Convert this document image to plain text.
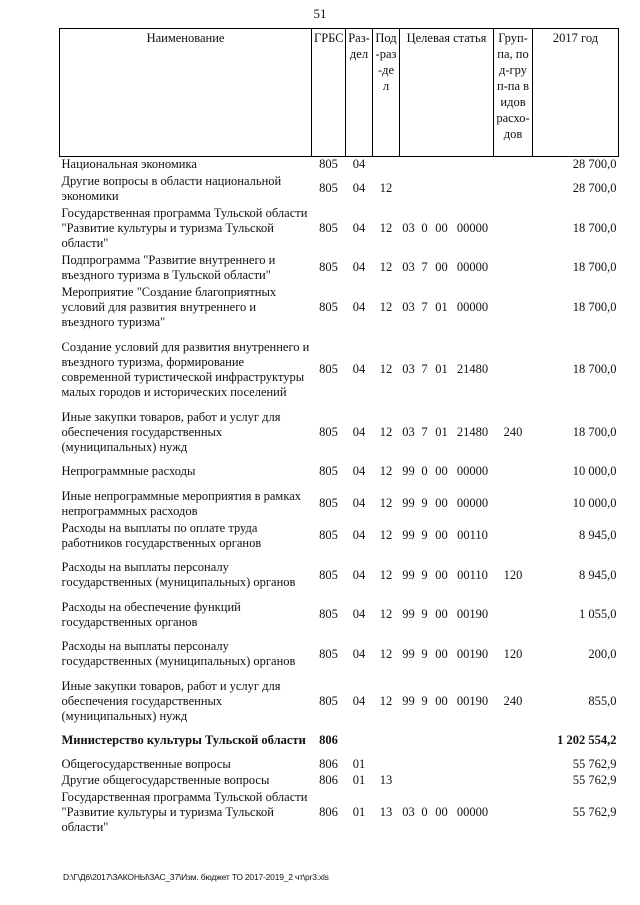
51
Наименование	ГРБС	Раз-дел	Под-раз-дел	Целевая статья				Груп-па, под-груп-па видов расхо-дов	2017 год
Национальная экономика	805	04							28 700,0
Другие вопросы в области национальной экономики	805	04	12						28 700,0
Государственная программа Тульской области "Развитие культуры и туризма Тульской области"	805	04	12	03	0	00	00000		18 700,0
Подпрограмма "Развитие внутреннего и въездного туризма в Тульской области"	805	04	12	03	7	00	00000		18 700,0
Мероприятие "Создание благоприятных условий для развития внутреннего и въездного туризма"	805	04	12	03	7	01	00000		18 700,0
Создание условий для развития внутреннего и въездного туризма, формирование современной туристической инфраструктуры малых городов и исторических поселений	805	04	12	03	7	01	21480		18 700,0
Иные закупки товаров, работ и услуг для обеспечения государственных (муниципальных) нужд	805	04	12	03	7	01	21480	240	18 700,0
Непрограммные расходы	805	04	12	99	0	00	00000		10 000,0
Иные непрограммные мероприятия в рамках непрограммных расходов	805	04	12	99	9	00	00000		10 000,0
Расходы на выплаты по оплате труда работников государственных органов	805	04	12	99	9	00	00110		8 945,0
Расходы на выплаты персоналу государственных (муниципальных) органов	805	04	12	99	9	00	00110	120	8 945,0
Расходы на обеспечение функций государственных органов	805	04	12	99	9	00	00190		1 055,0
Расходы на выплаты персоналу государственных (муниципальных) органов	805	04	12	99	9	00	00190	120	200,0
Иные закупки товаров, работ и услуг для обеспечения государственных (муниципальных) нужд	805	04	12	99	9	00	00190	240	855,0
Министерство культуры Тульской области	806								1 202 554,2
Общегосударственные вопросы	806	01							55 762,9
Другие общегосударственные вопросы	806	01	13						55 762,9
Государственная программа Тульской области "Развитие культуры и туризма Тульской области"	806	01	13	03	0	00	00000		55 762,9
D:\Г\Д6\2017\ЗАКОНЫ\ЗАС_37\Изм. бюджет ТО 2017-2019_2 чт\pr3.xls
